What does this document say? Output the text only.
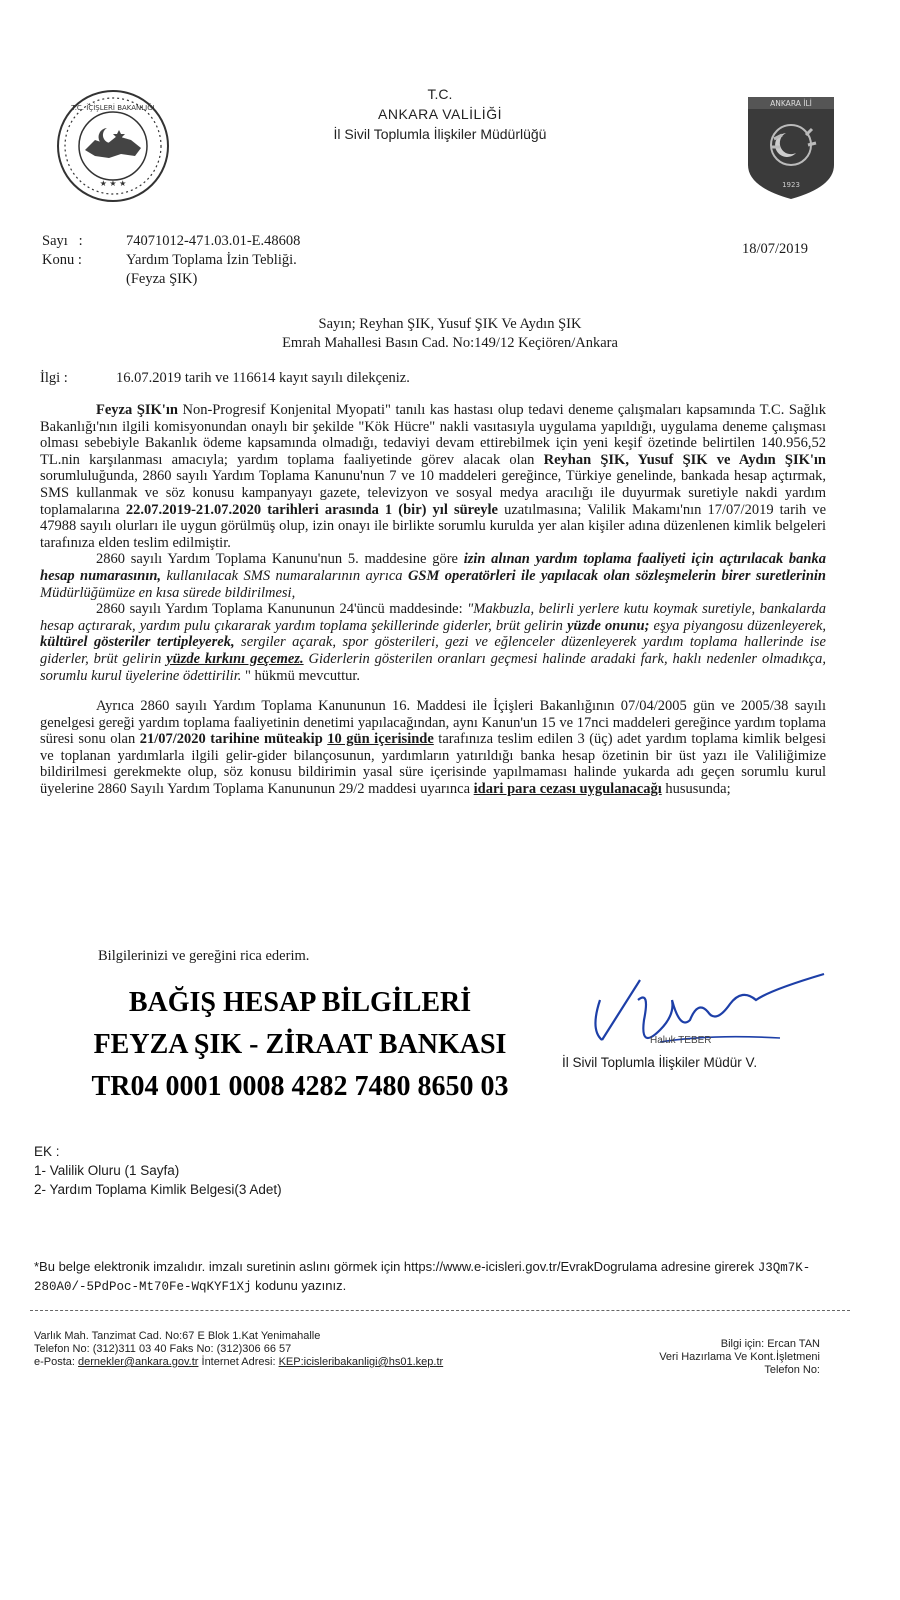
★ ★ ★
T.C. İÇİŞLERİ BAKANLIĞI
T.C.
ANKARA VALİLİĞİ
İl Sivil Toplumla İlişkiler Müdürlüğü
ANKARA İLİ
1923
Sayı :
Konu :
74071012-471.03.01-E.48608
Yardım Toplama İzin Tebliği.
(Feyza ŞIK)
18/07/2019
Sayın; Reyhan ŞIK, Yusuf ŞIK Ve Aydın ŞIK
Emrah Mahallesi Basın Cad. No:149/12 Keçiören/Ankara
İlgi :	16.07.2019 tarih ve 116614 kayıt sayılı dilekçeniz.

Feyza ŞIK'ın Non-Progresif Konjenital Myopati" tanılı kas hastası olup tedavi deneme çalışmaları kapsamında T.C. Sağlık Bakanlığı'nın ilgili komisyonundan onaylı bir şekilde "Kök Hücre" nakli vasıtasıyla uygulama yapıldığı, uygulama deneme çalışması olması sebebiyle Bakanlık ödeme kapsamında olmadığı, tedaviyi devam ettirebilmek için yeni keşif özetinde belirtilen 140.956,52 TL.nin karşılanması amacıyla; yardım toplama faaliyetinde görev alacak olan Reyhan ŞIK, Yusuf ŞIK ve Aydın ŞIK'ın sorumluluğunda, 2860 sayılı Yardım Toplama Kanunu'nun 7 ve 10 maddeleri gereğince, Türkiye genelinde, bankada hesap açtırmak, SMS kullanmak ve söz konusu kampanyayı gazete, televizyon ve sosyal medya aracılığı ile duyurmak suretiyle nakdi yardım toplamalarına 22.07.2019-21.07.2020 tarihleri arasında 1 (bir) yıl süreyle uzatılmasına; Valilik Makamı'nın 17/07/2019 tarih ve 47988 sayılı olurları ile uygun görülmüş olup, izin onayı ile birlikte sorumlu kurulda yer alan kişiler adına düzenlenen kimlik belgeleri tarafınıza elden teslim edilmiştir.

2860 sayılı Yardım Toplama Kanunu'nun 5. maddesine göre izin alınan yardım toplama faaliyeti için açtırılacak banka hesap numarasının, kullanılacak SMS numaralarının ayrıca GSM operatörleri ile yapılacak olan sözleşmelerin birer suretlerinin Müdürlüğümüze en kısa sürede bildirilmesi,

2860 sayılı Yardım Toplama Kanununun 24'üncü maddesinde: "Makbuzla, belirli yerlere kutu koymak suretiyle, bankalarda hesap açtırarak, yardım pulu çıkararak yardım toplama şekillerinde giderler, brüt gelirin yüzde onunu; eşya piyangosu düzenleyerek, kültürel gösteriler tertipleyerek, sergiler açarak, spor gösterileri, gezi ve eğlenceler düzenleyerek yardım toplama hallerinde ise giderler, brüt gelirin yüzde kırkını geçemez. Giderlerin gösterilen oranları geçmesi halinde aradaki fark, haklı nedenler olmadıkça, sorumlu kurul üyelerine ödettirilir. " hükmü mevcuttur.

Ayrıca 2860 sayılı Yardım Toplama Kanununun 16. Maddesi ile İçişleri Bakanlığının 07/04/2005 gün ve 2005/38 sayılı genelgesi gereği yardım toplama faaliyetinin denetimi yapılacağından, aynı Kanun'un 15 ve 17nci maddeleri gereğince yardım toplama süresi sonu olan 21/07/2020 tarihine müteakip 10 gün içerisinde tarafınıza teslim edilen 3 (üç) adet yardım toplama kimlik belgesi ve toplanan yardımlarla ilgili gelir-gider bilançosunun, yardımların yatırıldığı banka hesap özetinin bir üst yazı ile Valiliğimize bildirilmesi gerekmekte olup, söz konusu bildirimin yasal süre içerisinde yapılmaması halinde yukarda adı geçen sorumlu kurul üyelerine 2860 Sayılı Yardım Toplama Kanununun 29/2 maddesi uyarınca idari para cezası uygulanacağı hususunda;

Bilgilerinizi ve gereğini rica ederim.
BAĞIŞ HESAP BİLGİLERİ
FEYZA ŞIK - ZİRAAT BANKASI
TR04 0001 0008 4282 7480 8650 03
Haluk TEBER
İl Sivil Toplumla İlişkiler Müdür V.
EK :
1- Valilik Oluru (1 Sayfa)
2- Yardım Toplama Kimlik Belgesi(3 Adet)
*Bu belge elektronik imzalıdır. imzalı suretinin aslını görmek için https://www.e-icisleri.gov.tr/EvrakDogrulama adresine girerek J3Qm7K-280A0/-5PdPoc-Mt70Fe-WqKYF1Xj kodunu yazınız.
Varlık Mah. Tanzimat Cad. No:67 E Blok 1.Kat Yenimahalle
Telefon No: (312)311 03 40 Faks No: (312)306 66 57
e-Posta: dernekler@ankara.gov.tr İnternet Adresi: KEP:icisleribakanligi@hs01.kep.tr
Bilgi için: Ercan TAN
Veri Hazırlama Ve Kont.İşletmeni
Telefon No:
